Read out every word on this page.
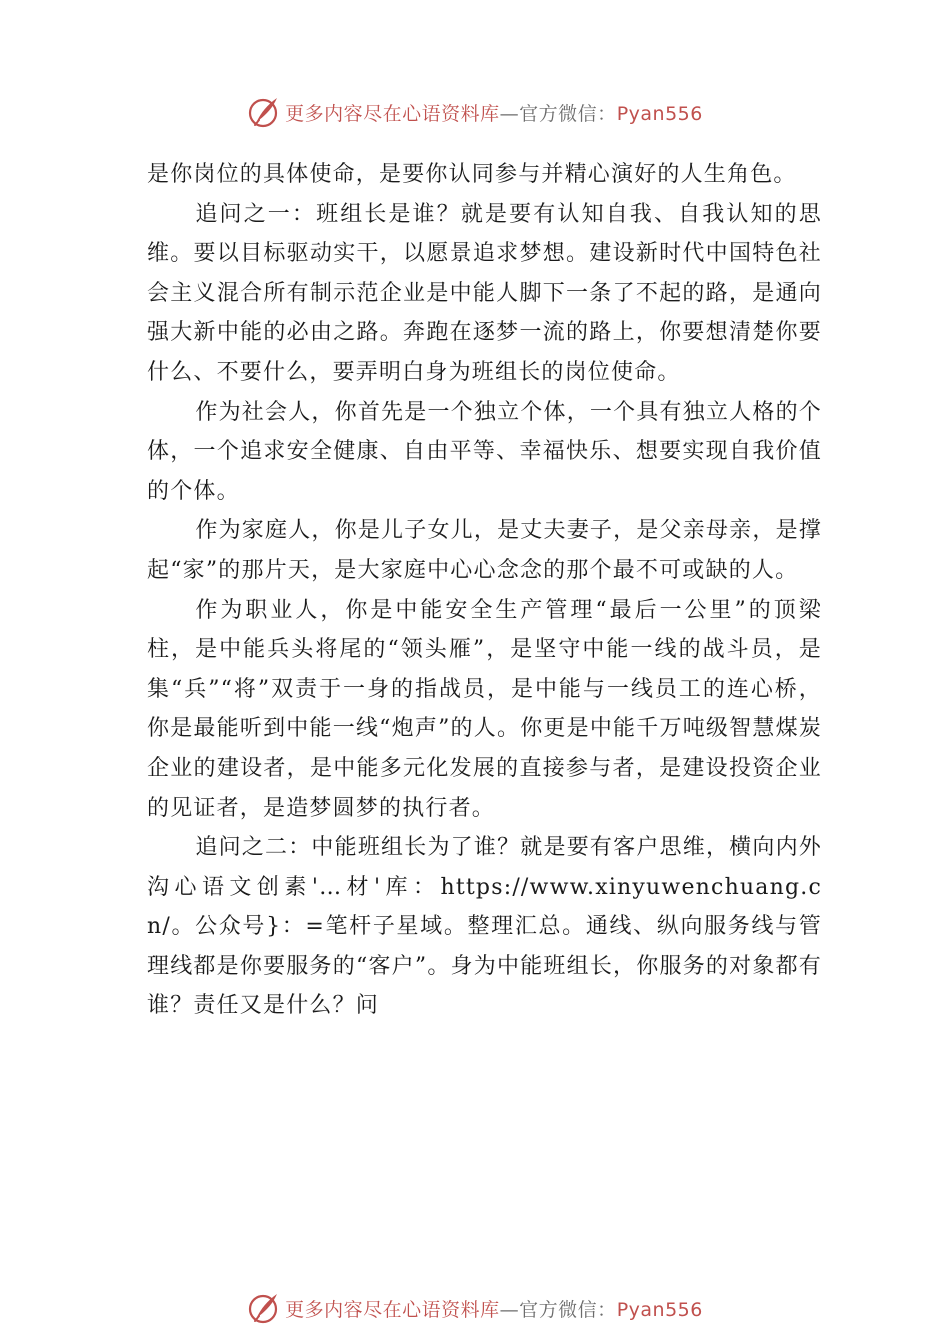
更多内容尽在心语资料库—官方微信：Pyan556

是你岗位的具体使命，是要你认同参与并精心演好的人生角色。

追问之一：班组长是谁？就是要有认知自我、自我认知的思维。要以目标驱动实干，以愿景追求梦想。建设新时代中国特色社会主义混合所有制示范企业是中能人脚下一条了不起的路，是通向强大新中能的必由之路。奔跑在逐梦一流的路上，你要想清楚你要什么、不要什么，要弄明白身为班组长的岗位使命。

作为社会人，你首先是一个独立个体，一个具有独立人格的个体，一个追求安全健康、自由平等、幸福快乐、想要实现自我价值的个体。

作为家庭人，你是儿子女儿，是丈夫妻子，是父亲母亲，是撑起“家”的那片天，是大家庭中心心念念的那个最不可或缺的人。

作为职业人，你是中能安全生产管理“最后一公里”的顶梁柱，是中能兵头将尾的“领头雁”，是坚守中能一线的战斗员，是集“兵”“将”双责于一身的指战员，是中能与一线员工的连心桥，你是最能听到中能一线“炮声”的人。你更是中能千万吨级智慧煤炭企业的建设者，是中能多元化发展的直接参与者，是建设投资企业的见证者，是造梦圆梦的执行者。

追问之二：中能班组长为了谁？就是要有客户思维，横向内外沟心语文创素'…材'库：https://www.xinyuwenchuang.cn/。公众号}：=笔杆子星域。整理汇总。通线、纵向服务线与管理线都是你要服务的“客户”。身为中能班组长，你服务的对象都有谁？责任又是什么？问

更多内容尽在心语资料库—官方微信：Pyan556
